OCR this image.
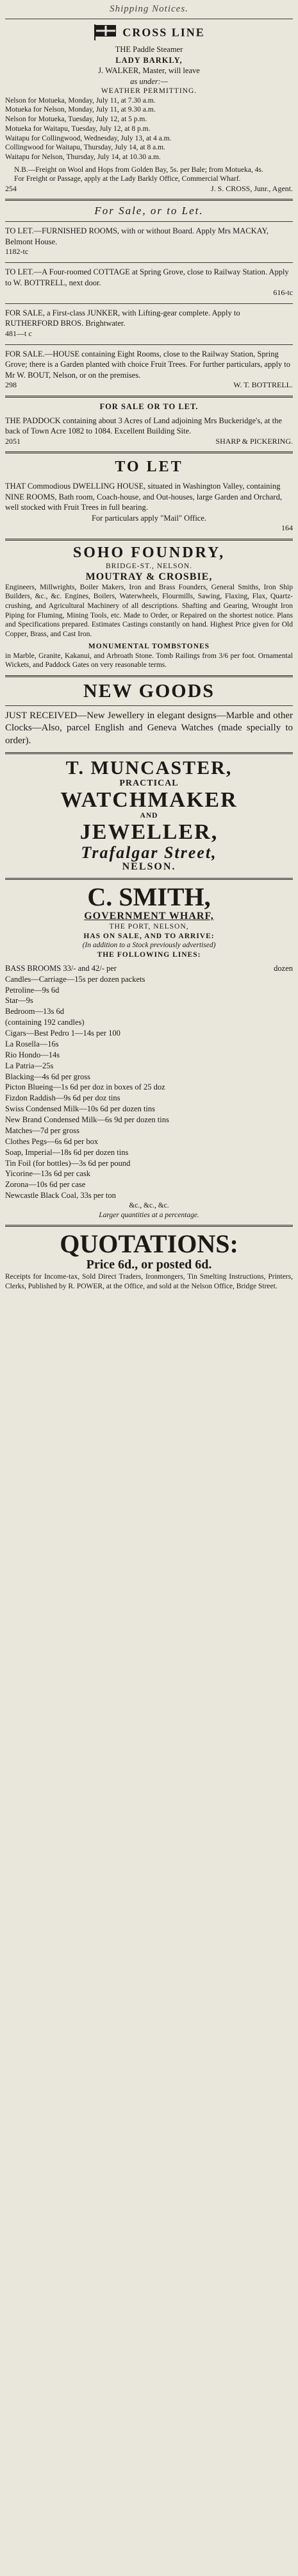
Shipping Notices.
CROSS LINE
THE Paddle Steamer
LADY BARKLY,
J. WALKER, Master, will leave
as under:—
WEATHER PERMITTING.
Nelson for Motueka, Monday, July 11, at 7.30 a.m.
Motueka for Nelson, Monday, July 11, at 9.30 a.m.
Nelson for Motueka, Tuesday, July 12, at 5 p.m.
Motueka for Waitapu, Tuesday, July 12, at 8 p.m.
Waitapu for Collingwood, Wednesday, July 13, at 4 a.m.
Collingwood for Waitapu, Thursday, July 14, at 8 a.m.
Waitapu for Nelson, Thursday, July 14, at 10.30 a.m.
N.B.—Freight on Wool and Hops from Golden Bay, 5s. per Bale; from Motueka, 4s.
For Freight or Passage, apply at the Lady Barkly Office, Commercial Wharf.
254	J. S. CROSS, Junr., Agent.
For Sale, or to Let.
TO LET.—FURNISHED ROOMS, with or without Board. Apply Mrs MACKAY, Belmont House.
1182-tc
TO LET.—A Four-roomed COTTAGE at Spring Grove, close to Railway Station. Apply to W. BOTTRELL, next door.
616-tc
FOR SALE, a First-class JUNKER, with Lifting-gear complete. Apply to RUTHERFORD BROS. Brightwater.
481—t c
FOR SALE.—HOUSE containing Eight Rooms, close to the Railway Station, Spring Grove; there is a Garden planted with choice Fruit Trees. For further particulars, apply to Mr W. BOUT, Nelson, or on the premises.
298	W. T. BOTTRELL.
FOR SALE OR TO LET.
THE PADDOCK containing about 3 Acres of Land adjoining Mrs Buckeridge's, at the back of Town Acre 1082 to 1084. Excellent Building Site.
2051	SHARP & PICKERING.
TO LET
THAT Commodious DWELLING HOUSE, situated in Washington Valley, containing NINE ROOMS, Bath room, Coach-house, and Out-houses, large Garden and Orchard, well stocked with Fruit Trees in full bearing.
For particulars apply "Mail" Office.
164
SOHO FOUNDRY,
BRIDGE-ST., NELSON.
MOUTRAY & CROSBIE,
Engineers, Millwrights, Boiler Makers, Iron and Brass Founders, General Smiths, Iron Ship Builders, &c., &c. Engines, Boilers, Waterwheels, Flourmills, Sawing, Flaxing, Flax, Quartz-crushing, and Agricultural Machinery of all descriptions. Shafting and Gearing, Wrought Iron Piping for Fluming, Mining Tools, etc. Made to Order, or Repaired on the shortest notice. Plans and Specifications prepared. Estimates Castings constantly on hand. Highest Price given for Old Copper, Brass, and Cast Iron.
MONUMENTAL TOMBSTONES
in Marble, Granite, Kakanui, and Arbroath Stone. Tomb Railings from 3/6 per foot. Ornamental Wickets, and Paddock Gates on very reasonable terms.
NEW GOODS
JUST RECEIVED—New Jewellery in elegant designs—Marble and other Clocks—Also, parcel English and Geneva Watches (made specially to order).
T. MUNCASTER,
PRACTICAL
WATCHMAKER
AND
JEWELLER,
Trafalgar Street,
NELSON.
C. SMITH,
GOVERNMENT WHARF,
THE PORT, NELSON,
HAS ON SALE, AND TO ARRIVE:
(In addition to a Stock previously advertised)
THE FOLLOWING LINES:
BASS BROOMS 33/- and 42/- per	dozen
Candles—Carriage—15s per dozen packets
Petroline—9s 6d
Star—9s
Bedroom—13s 6d
(containing 192 candles)
Cigars—Best Pedro 1—14s per 100
La Rosella—16s
Rio Hondo—14s
La Patria—25s
Blacking—4s 6d per gross
Picton Blueing—1s 6d per doz in boxes of 25 doz
Fizdon Raddish—9s 6d per doz tins
Swiss Condensed Milk—10s 6d per dozen tins
New Brand Condensed Milk—6s 9d per dozen tins
Matches—7d per gross
Clothes Pegs—6s 6d per box
Soap, Imperial—18s 6d per dozen tins
Tin Foil (for bottles)—3s 6d per pound
Yicorine—13s 6d per cask
Zorona—10s 6d per case
Newcastle Black Coal, 33s per ton
&c., &c., &c.
Larger quantities at a percentage.
QUOTATIONS:
Price 6d., or posted 6d.
Receipts for Income-tax, Sold Direct Traders, Ironmongers, Tin Smelting Instructions, Printers, Clerks, Published by R. POWER, at the Office, and sold at the Nelson Office, Bridge Street.
